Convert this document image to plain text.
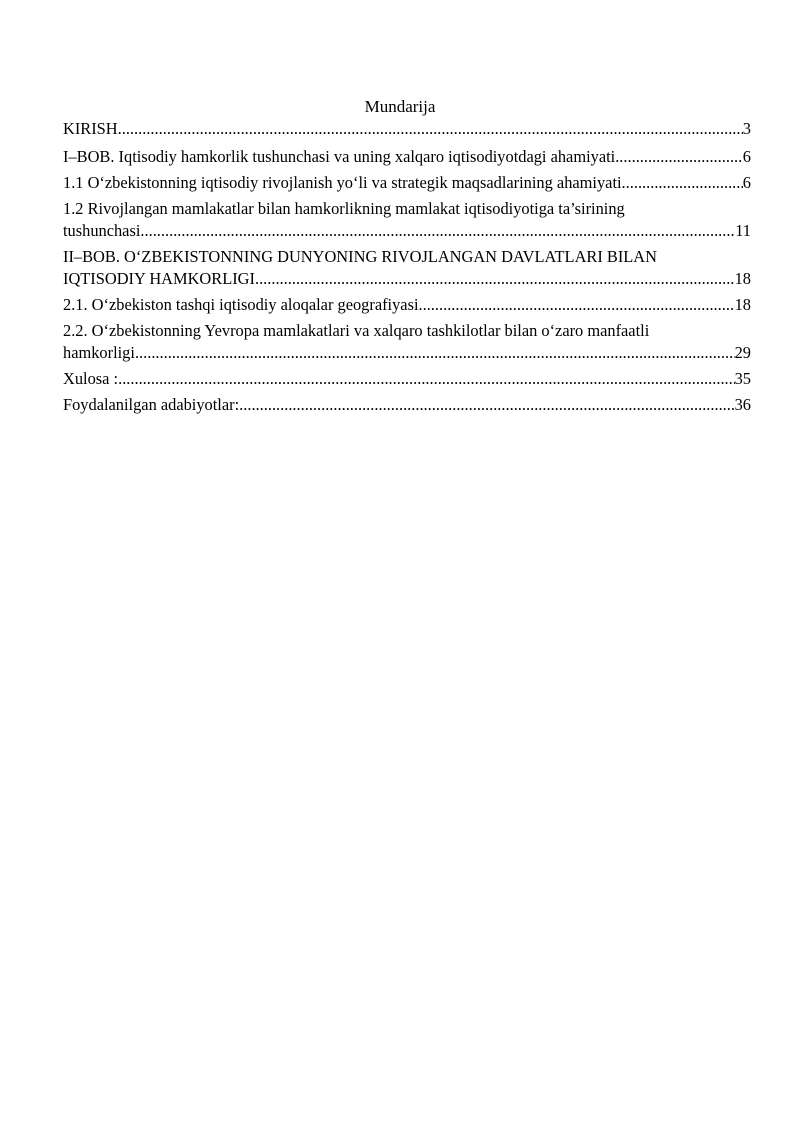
Mundarija
KIRISH .....	3
I–BOB. Iqtisodiy hamkorlik tushunchasi va uning xalqaro iqtisodiyotdagi ahamiyati .....	6
1.1 O‘zbekistonning iqtisodiy rivojlanish yo‘li va strategik maqsadlarining ahamiyati .....	6
1.2 Rivojlangan mamlakatlar bilan hamkorlikning mamlakat iqtisodiyotiga ta’sirining
tushunchasi .....	11
II–BOB. O‘ZBEKISTONNING DUNYONING RIVOJLANGAN DAVLATLARI BILAN
IQTISODIY HAMKORLIGI .....	18
2.1. O‘zbekiston tashqi iqtisodiy aloqalar geografiyasi .....	18
2.2. O‘zbekistonning Yevropa mamlakatlari va xalqaro tashkilotlar bilan o‘zaro manfaatli
hamkorligi .....	29
Xulosa : .....	35
Foydalanilgan adabiyotlar: .....	36
